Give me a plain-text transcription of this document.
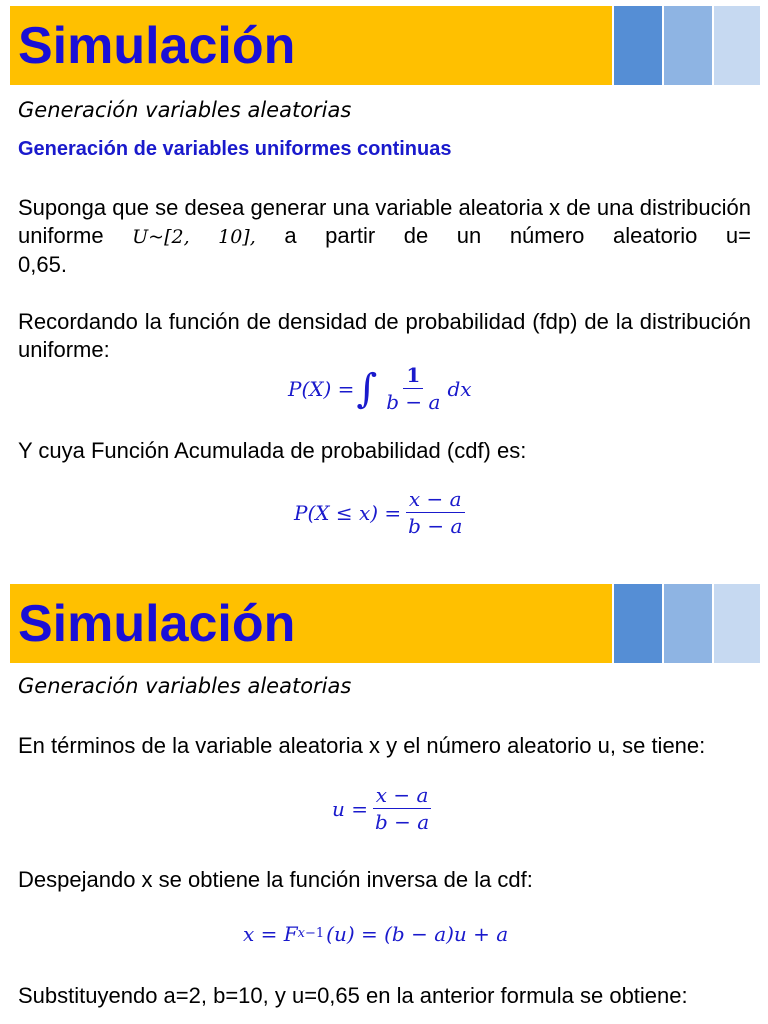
Simulación
Generación variables aleatorias
Generación de variables uniformes continuas
Suponga que se desea generar una variable aleatoria x de una distribución uniforme U~[2, 10], a partir de un número aleatorio u=
0,65.
Recordando la función de densidad de probabilidad (fdp) de la distribución uniforme:
P(X) = ∫ $\frac{1}{b - a}$ dx
Y cuya Función Acumulada de probabilidad (cdf) es:
$P(X \le x) = \frac{x - a}{b - a}$
Simulación
Generación variables aleatorias
En términos de la variable aleatoria x y el número aleatorio u, se tiene:
$u = \frac{x - a}{b - a}$
Despejando x se obtiene la función inversa de la cdf:
x = F x −1 (u) = (b − a)u + a
Substituyendo a=2, b=10, y u=0,65 en la anterior formula se obtiene:
